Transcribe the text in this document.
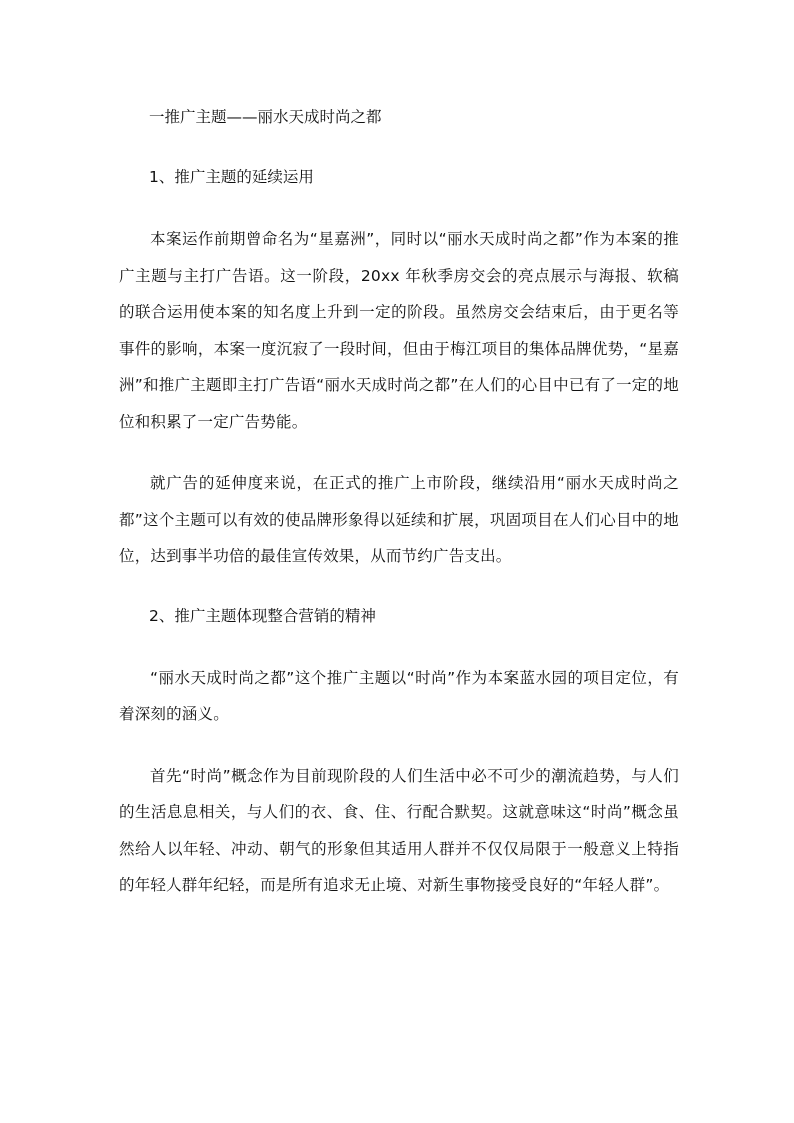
一推广主题——丽水天成时尚之都

1、推广主题的延续运用

本案运作前期曾命名为“星嘉洲”，同时以“丽水天成时尚之都”作为本案的推广主题与主打广告语。这一阶段，20xx 年秋季房交会的亮点展示与海报、软稿的联合运用使本案的知名度上升到一定的阶段。虽然房交会结束后，由于更名等事件的影响，本案一度沉寂了一段时间，但由于梅江项目的集体品牌优势，“星嘉洲”和推广主题即主打广告语“丽水天成时尚之都”在人们的心目中已有了一定的地位和积累了一定广告势能。

就广告的延伸度来说，在正式的推广上市阶段，继续沿用“丽水天成时尚之都”这个主题可以有效的使品牌形象得以延续和扩展，巩固项目在人们心目中的地位，达到事半功倍的最佳宣传效果，从而节约广告支出。

2、推广主题体现整合营销的精神

“丽水天成时尚之都”这个推广主题以“时尚”作为本案蓝水园的项目定位，有着深刻的涵义。

首先“时尚”概念作为目前现阶段的人们生活中必不可少的潮流趋势，与人们的生活息息相关，与人们的衣、食、住、行配合默契。这就意味这“时尚”概念虽然给人以年轻、冲动、朝气的形象但其适用人群并不仅仅局限于一般意义上特指的年轻人群年纪轻，而是所有追求无止境、对新生事物接受良好的“年轻人群”。
